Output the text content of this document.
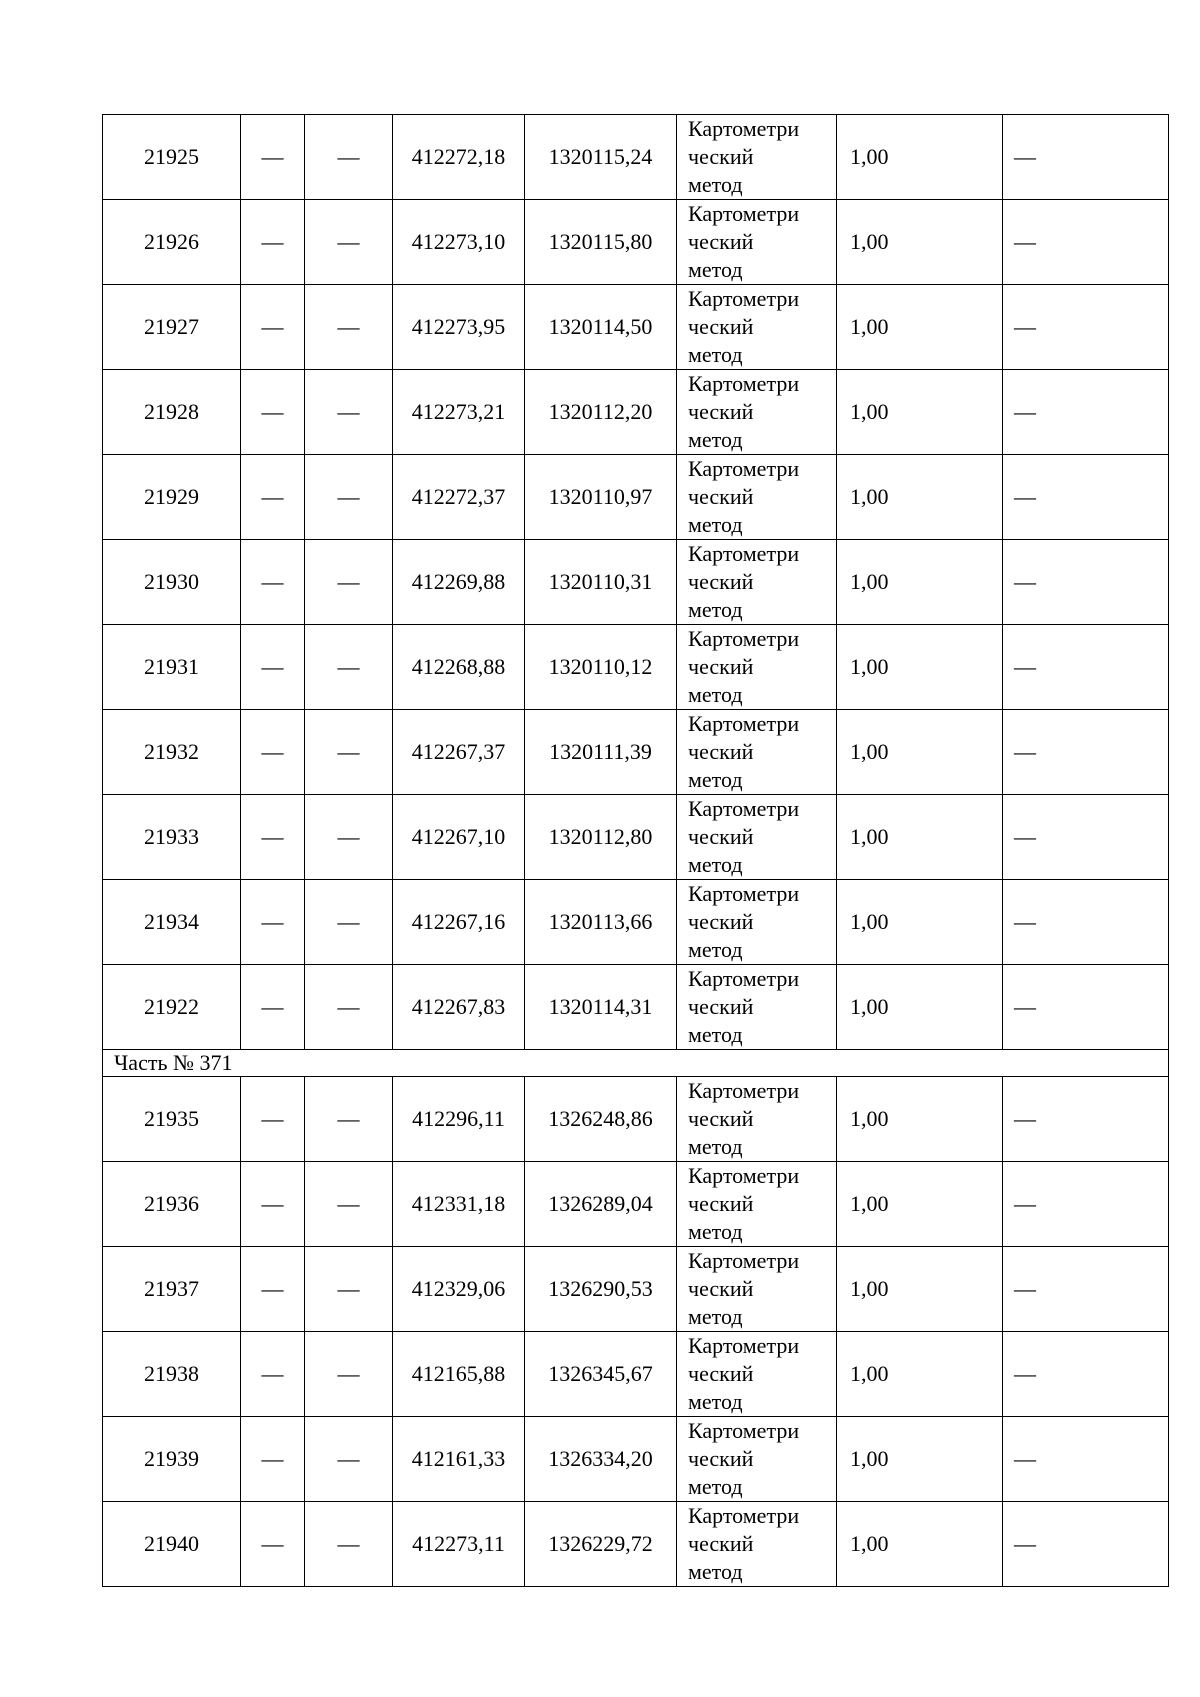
21925	—	—	412272,18	1320115,24	Картометри
ческий
метод	1,00	—
21926	—	—	412273,10	1320115,80	Картометри
ческий
метод	1,00	—
21927	—	—	412273,95	1320114,50	Картометри
ческий
метод	1,00	—
21928	—	—	412273,21	1320112,20	Картометри
ческий
метод	1,00	—
21929	—	—	412272,37	1320110,97	Картометри
ческий
метод	1,00	—
21930	—	—	412269,88	1320110,31	Картометри
ческий
метод	1,00	—
21931	—	—	412268,88	1320110,12	Картометри
ческий
метод	1,00	—
21932	—	—	412267,37	1320111,39	Картометри
ческий
метод	1,00	—
21933	—	—	412267,10	1320112,80	Картометри
ческий
метод	1,00	—
21934	—	—	412267,16	1320113,66	Картометри
ческий
метод	1,00	—
21922	—	—	412267,83	1320114,31	Картометри
ческий
метод	1,00	—
Часть № 371							
21935	—	—	412296,11	1326248,86	Картометри
ческий
метод	1,00	—
21936	—	—	412331,18	1326289,04	Картометри
ческий
метод	1,00	—
21937	—	—	412329,06	1326290,53	Картометри
ческий
метод	1,00	—
21938	—	—	412165,88	1326345,67	Картометри
ческий
метод	1,00	—
21939	—	—	412161,33	1326334,20	Картометри
ческий
метод	1,00	—
21940	—	—	412273,11	1326229,72	Картометри
ческий
метод	1,00	—
